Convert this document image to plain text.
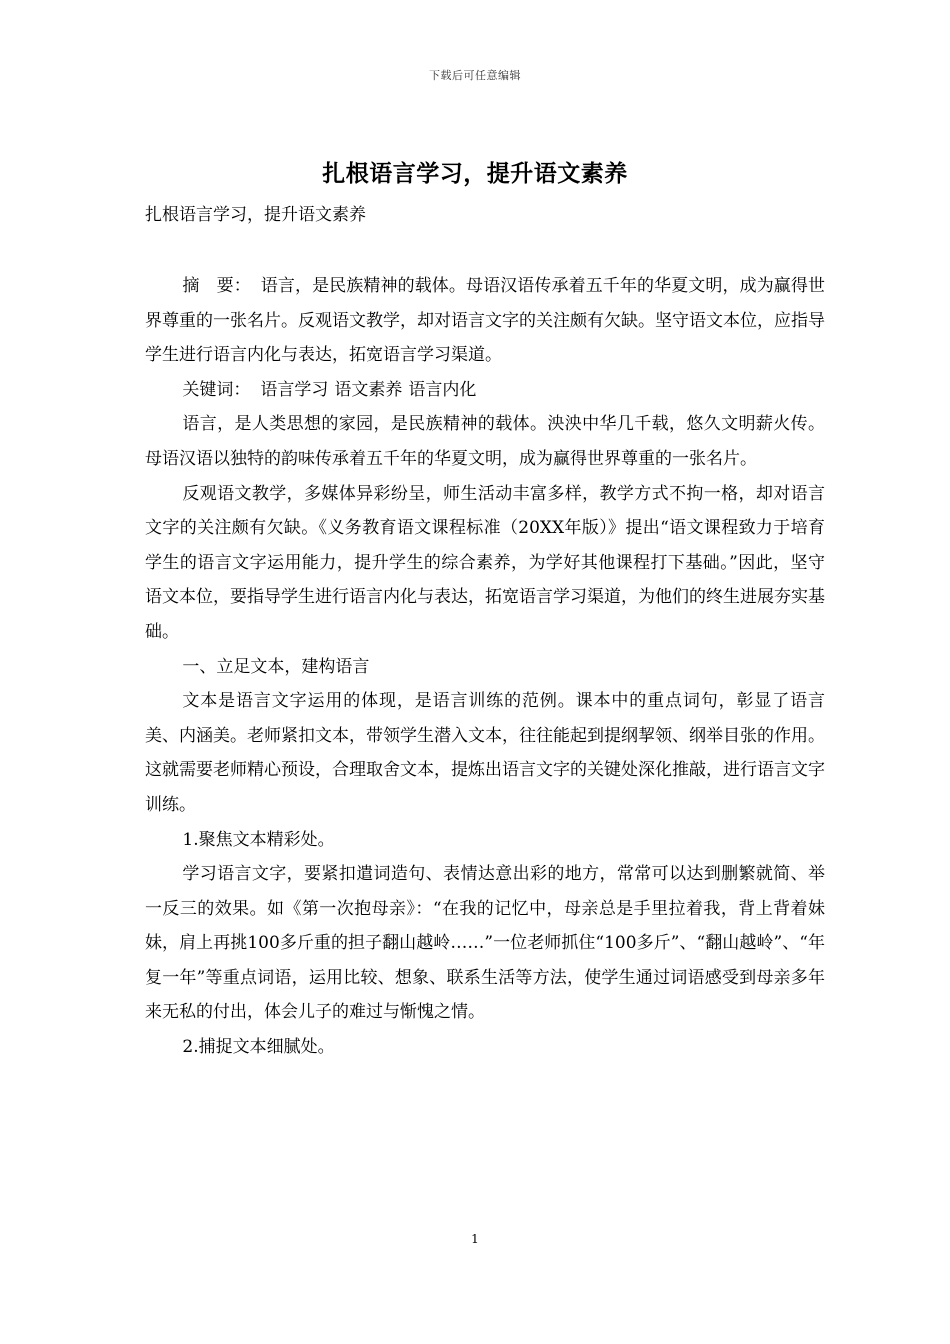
下载后可任意编辑
扎根语言学习，提升语文素养
扎根语言学习，提升语文素养

摘　要： 语言，是民族精神的载体。母语汉语传承着五千年的华夏文明，成为赢得世界尊重的一张名片。反观语文教学，却对语言文字的关注颇有欠缺。坚守语文本位，应指导学生进行语言内化与表达，拓宽语言学习渠道。

关键词： 语言学习 语文素养 语言内化

语言，是人类思想的家园，是民族精神的载体。泱泱中华几千载，悠久文明薪火传。母语汉语以独特的韵味传承着五千年的华夏文明，成为赢得世界尊重的一张名片。

反观语文教学，多媒体异彩纷呈，师生活动丰富多样，教学方式不拘一格，却对语言文字的关注颇有欠缺。《义务教育语文课程标准（20XX年版）》提出“语文课程致力于培育学生的语言文字运用能力，提升学生的综合素养，为学好其他课程打下基础。”因此，坚守语文本位，要指导学生进行语言内化与表达，拓宽语言学习渠道，为他们的终生进展夯实基础。

一、立足文本，建构语言

文本是语言文字运用的体现，是语言训练的范例。课本中的重点词句，彰显了语言美、内涵美。老师紧扣文本，带领学生潜入文本，往往能起到提纲挈领、纲举目张的作用。这就需要老师精心预设，合理取舍文本，提炼出语言文字的关键处深化推敲，进行语言文字训练。

1.聚焦文本精彩处。

学习语言文字，要紧扣遣词造句、表情达意出彩的地方，常常可以达到删繁就简、举一反三的效果。如《第一次抱母亲》：“在我的记忆中，母亲总是手里拉着我，背上背着妹妹，肩上再挑100多斤重的担子翻山越岭……”一位老师抓住“100多斤”、“翻山越岭”、“年复一年”等重点词语，运用比较、想象、联系生活等方法，使学生通过词语感受到母亲多年来无私的付出，体会儿子的难过与惭愧之情。

2.捕捉文本细腻处。

1
